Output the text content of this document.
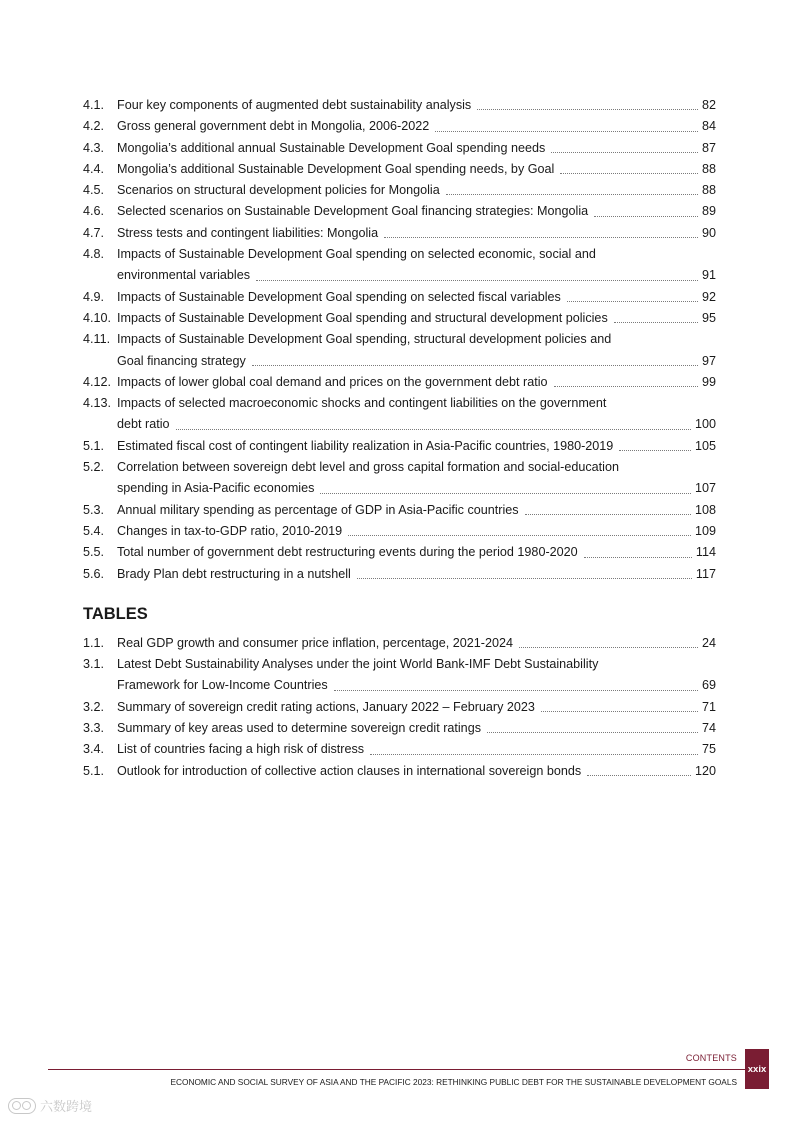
4.1. Four key components of augmented debt sustainability analysis	82
4.2. Gross general government debt in Mongolia, 2006-2022	84
4.3. Mongolia’s additional annual Sustainable Development Goal spending needs	87
4.4. Mongolia’s additional Sustainable Development Goal spending needs, by Goal	88
4.5. Scenarios on structural development policies for Mongolia	88
4.6. Selected scenarios on Sustainable Development Goal financing strategies: Mongolia	89
4.7. Stress tests and contingent liabilities: Mongolia	90
4.8. Impacts of Sustainable Development Goal spending on selected economic, social and
environmental variables	91
4.9. Impacts of Sustainable Development Goal spending on selected fiscal variables	92
4.10. Impacts of Sustainable Development Goal spending and structural development policies	95
4.11. Impacts of Sustainable Development Goal spending, structural development policies and
Goal financing strategy	97
4.12. Impacts of lower global coal demand and prices on the government debt ratio	99
4.13. Impacts of selected macroeconomic shocks and contingent liabilities on the government
debt ratio	100
5.1. Estimated fiscal cost of contingent liability realization in Asia-Pacific countries, 1980-2019	105
5.2. Correlation between sovereign debt level and gross capital formation and social-education
spending in Asia-Pacific economies	107
5.3. Annual military spending as percentage of GDP in Asia-Pacific countries	108
5.4. Changes in tax-to-GDP ratio, 2010-2019	109
5.5. Total number of government debt restructuring events during the period 1980-2020	114
5.6. Brady Plan debt restructuring in a nutshell	117
TABLES
1.1. Real GDP growth and consumer price inflation, percentage, 2021-2024	24
3.1. Latest Debt Sustainability Analyses under the joint World Bank-IMF Debt Sustainability
Framework for Low-Income Countries	69
3.2. Summary of sovereign credit rating actions, January 2022 – February 2023	71
3.3. Summary of key areas used to determine sovereign credit ratings	74
3.4. List of countries facing a high risk of distress	75
5.1. Outlook for introduction of collective action clauses in international sovereign bonds	120
CONTENTS
ECONOMIC AND SOCIAL SURVEY OF ASIA AND THE PACIFIC 2023: RETHINKING PUBLIC DEBT FOR THE SUSTAINABLE DEVELOPMENT GOALS
xxix
六数跨境
